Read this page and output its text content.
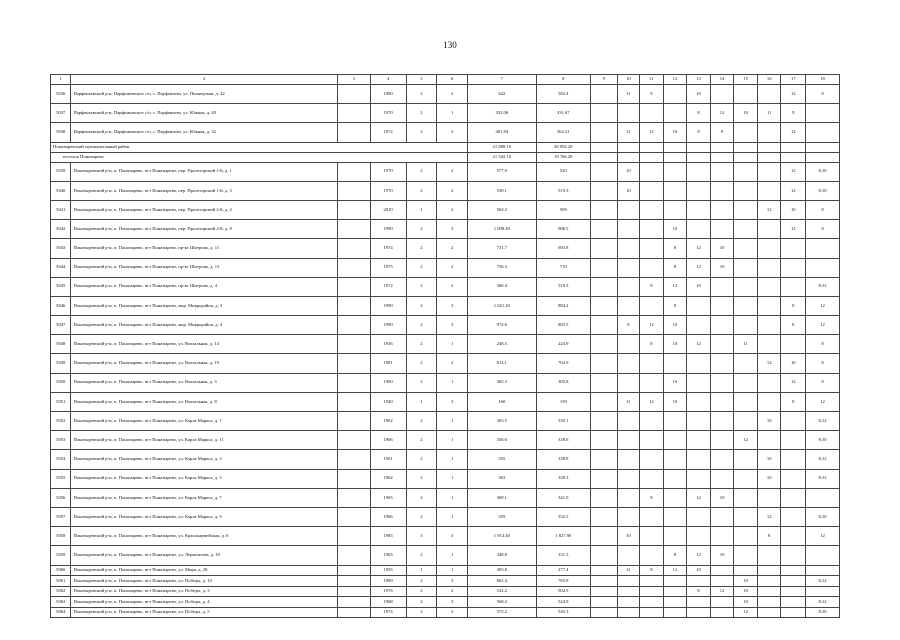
130
1	2	3	4	5	6	7	8	9	10	11	12	13	14	15	16	17	18
5036	Парфеньевский р-н, Парфеньевское с/п, с. Парфеньево, ул. Пионерская, д. 42		1980	2	2	642	582.4		11	9		10				12	8
5037	Парфеньевский р-н, Парфеньевское с/п, с. Парфеньево, ул. Южная, д. 20		1970	2	1	352.06	331.67					8	12	10	11	9	
5038	Парфеньевский р-н, Парфеньевское с/п, с. Парфеньево, ул. Южная, д. 32		1972	2	2	401.84	362.21		11	12	10	8	9			12	
Поназыревский муниципальный район						21 888.10	20 092.20										
поселок Поназырево						21 542.10	19 766.20										
5039	Поназыревский р-н, п. Поназырево, пгт Поназырево, пер. Пролетарский 1-й, д. 1		1970	2	2	577.9	520		10							12	8;10
5040	Поназыревский р-н, п. Поназырево, пгт Поназырево, пер. Пролетарский 1-й, д. 3		1970	2	2	539.1	519.3		10							12	8;10
5041	Поназыревский р-н, п. Поназырево, пгт Поназырево, пер. Пролетарский 2-й, д. 2		2010	1	2	563.2	509								12	10	8
5042	Поназыревский р-н, п. Поназырево, пгт Поназырево, пер. Пролетарский 2-й, д. 8		1990	2	3	1 008.40	906.5				10					12	8
5043	Поназыревский р-н, п. Поназырево, пгт Поназырево, пр-кт Шитрова, д. 11		1974	2	2	731.7	693.8				8	12	10				
5044	Поназыревский р-н, п. Поназырево, пгт Поназырево, пр-кт Шитрова, д. 13		1975	2	2	756.3	710				8	12	10				
5045	Поназыревский р-н, п. Поназырево, пгт Поназырево, пр-кт Шитрова, д. 4		1972	2	2	566.4	519.3			8	12	10					8;12
5046	Поназыревский р-н, п. Поназырево, пгт Поназырево, мкр. Микрорайон, д. 3		1990	2	3	1 021.20	884.2				8					8	12
5047	Поназыревский р-н, п. Поназырево, пгт Поназырево, мкр. Микрорайон, д. 4		1990	2	3	972.6	883.5		8	12	10					8	12
5048	Поназыревский р-н, п. Поназырево, пгт Поназырево, ул. Вокзальная, д. 14		1936	2	1	248.5	224.9			8	10	12		11			8
5049	Поназыревский р-н, п. Поназырево, пгт Поназырево, ул. Вокзальная, д. 19		1981	2	2	814.1	764.9								12	10	8
5050	Поназыревский р-н, п. Поназырево, пгт Поназырево, ул. Вокзальная, д. 3		1960	2	1	365.3	305.8				10					12	8
5051	Поназыревский р-н, п. Поназырево, пгт Поназырево, ул. Вокзальная, д. 8		1940	1	3	160	139		11	12	10					8	12
5052	Поназыревский р-н, п. Поназырево, пгт Поназырево, ул. Карла Маркса, д. 1		1962	2	1	363.5	339.1								10		8;12
5053	Поназыревский р-н, п. Поназырево, пгт Поназырево, ул. Карла Маркса, д. 11		1966	2	1	356.6	338.6							12			8;10
5054	Поназыревский р-н, п. Поназырево, пгт Поназырево, ул. Карла Маркса, д. 3		1961	2	1	355	338.8								10		8;12
5055	Поназыревский р-н, п. Поназырево, пгт Поназырево, ул. Карла Маркса, д. 5		1962	2	1	363	339.3								10		8;12
5056	Поназыревский р-н, п. Поназырево, пгт Поназырево, ул. Карла Маркса, д. 7		1965	2	1	369.1	341.9			8		12	10				
5057	Поназыревский р-н, п. Поназырево, пгт Поназырево, ул. Карла Маркса, д. 9		1966	2	1	359	332.5								12		8;10
5058	Поназыревский р-н, п. Поназырево, пгт Поназырево, ул. Красноармейская, д. 6		1985	3	3	1 914.40	1 827.90		10						8		12
5059	Поназыревский р-н, п. Поназырево, пгт Поназырево, ул. Лермонтова, д. 10		1965	2	1	348.8	331.3				8	12	10				
5060	Поназыревский р-н, п. Поназырево, пгт Поназырево, ул. Мира, д. 28		1955	1	1	303.8	277.4		11	8	12	10					
5061	Поназыревский р-н, п. Поназырево, пгт Поназырево, ул. Победы, д. 10		1989	2	3	862.4	765.8							10			8;12
5062	Поназыревский р-н, п. Поназырево, пгт Поназырево, ул. Победы, д. 3		1976	2	2	532.2	502.5					8	12	10			
5063	Поназыревский р-н, п. Поназырево, пгт Поназырево, ул. Победы, д. 4		1968	2	3	568.2	524.9							10			8;12
5064	Поназыревский р-н, п. Поназырево, пгт Поназырево, ул. Победы, д. 5		1974	2	2	575.2	545.3							12			8;10
